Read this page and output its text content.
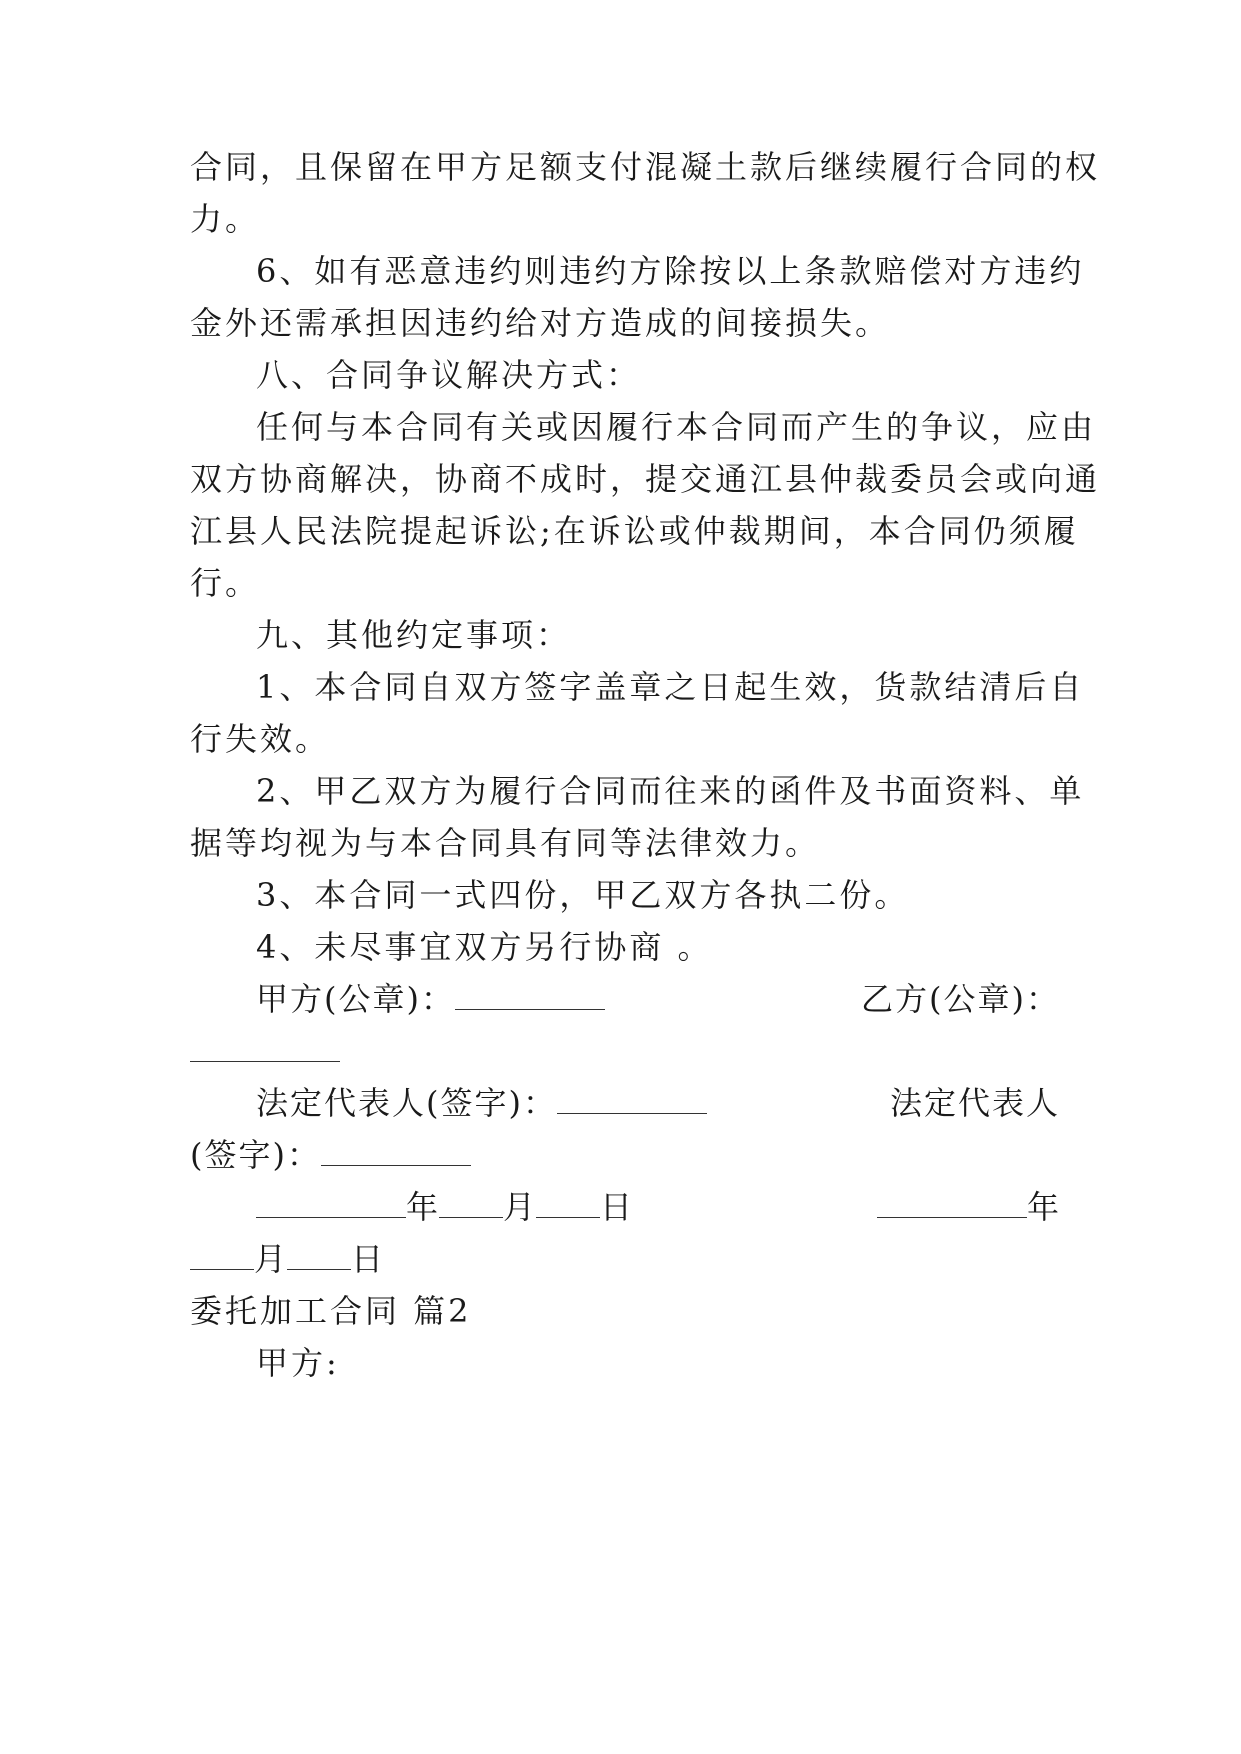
合同，且保留在甲方足额支付混凝土款后继续履行合同的权
力。
6、如有恶意违约则违约方除按以上条款赔偿对方违约
金外还需承担因违约给对方造成的间接损失。
八、合同争议解决方式：
任何与本合同有关或因履行本合同而产生的争议，应由
双方协商解决，协商不成时，提交通江县仲裁委员会或向通
江县人民法院提起诉讼;在诉讼或仲裁期间，本合同仍须履
行。
九、其他约定事项：
1、本合同自双方签字盖章之日起生效，货款结清后自
行失效。
2、甲乙双方为履行合同而往来的函件及书面资料、单
据等均视为与本合同具有同等法律效力。
3、本合同一式四份，甲乙双方各执二份。
4、未尽事宜双方另行协商 。
甲方(公章)：	乙方(公章)：
法定代表人(签字)：	法定代表人
(签字)：
年 月 日	年
月 日
委托加工合同 篇2
甲方:
